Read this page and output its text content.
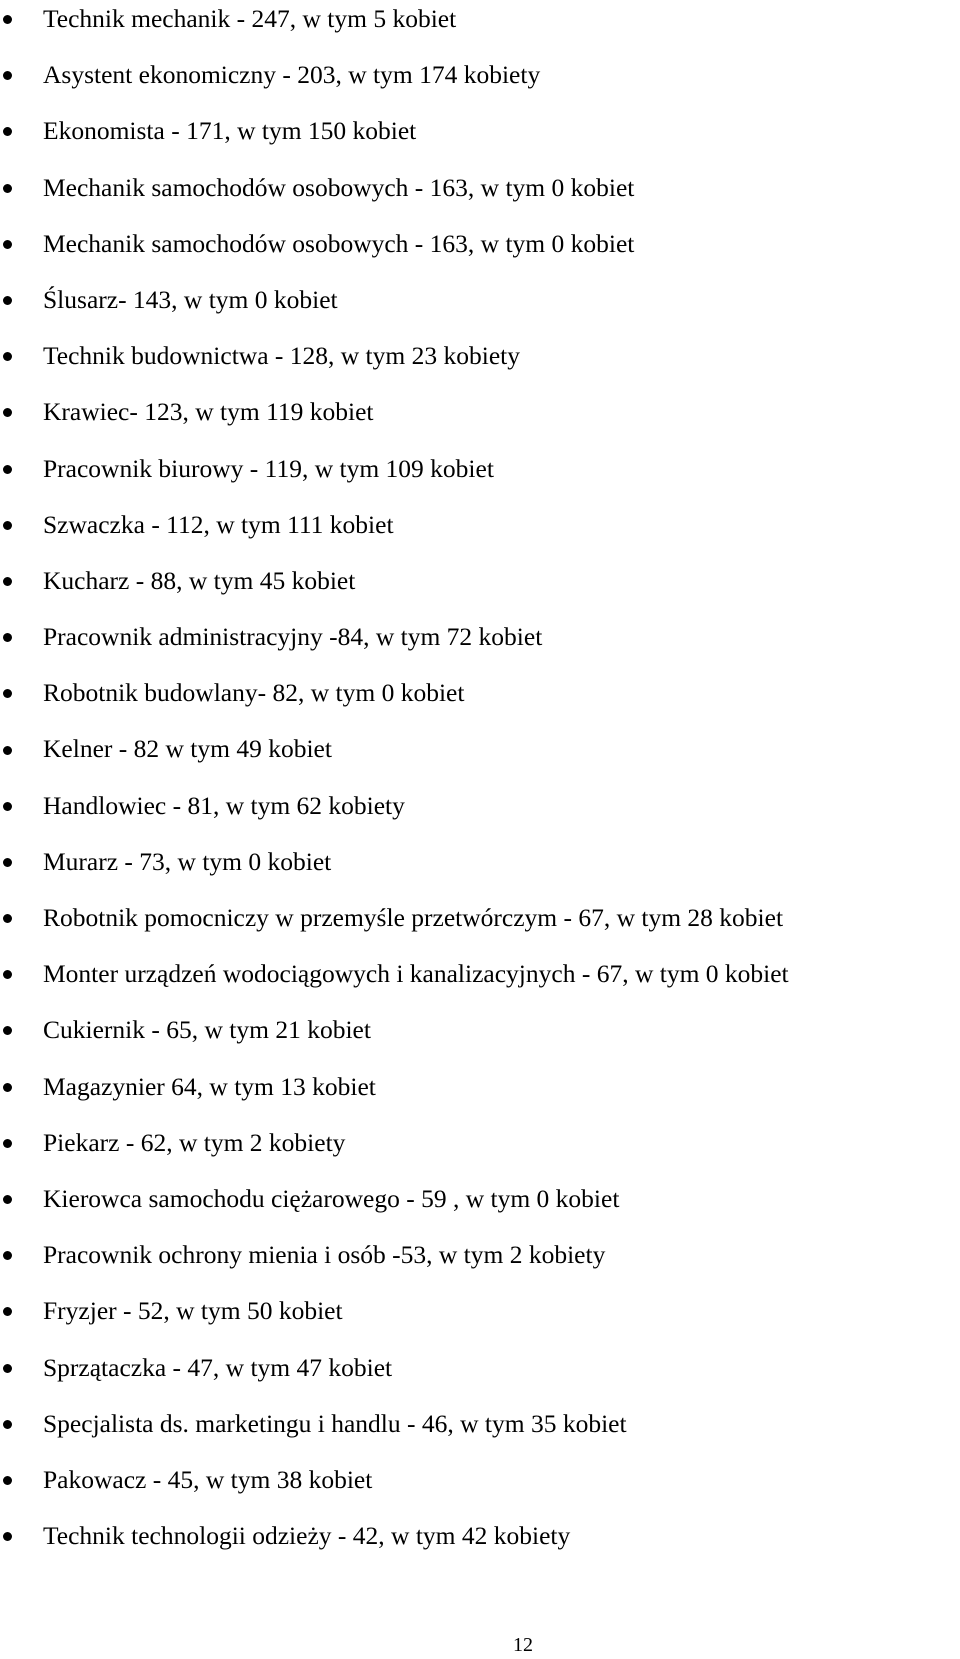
Technik mechanik - 247, w tym 5 kobiet
Asystent ekonomiczny - 203, w tym 174 kobiety
Ekonomista - 171, w tym 150 kobiet
Mechanik samochodów osobowych - 163, w tym 0 kobiet
Mechanik samochodów osobowych - 163, w tym 0 kobiet
Ślusarz- 143, w tym 0 kobiet
Technik budownictwa - 128, w tym 23 kobiety
Krawiec- 123, w tym 119 kobiet
Pracownik biurowy - 119, w tym 109 kobiet
Szwaczka - 112, w tym 111 kobiet
Kucharz - 88, w tym 45 kobiet
Pracownik administracyjny -84, w tym 72 kobiet
Robotnik budowlany- 82, w tym 0 kobiet
Kelner - 82 w tym 49 kobiet
Handlowiec - 81, w tym 62 kobiety
Murarz - 73, w tym 0 kobiet
Robotnik pomocniczy w przemyśle przetwórczym - 67, w tym 28 kobiet
Monter urządzeń wodociągowych i kanalizacyjnych - 67, w tym 0 kobiet
Cukiernik - 65, w tym 21 kobiet
Magazynier 64, w tym 13 kobiet
Piekarz - 62, w tym 2 kobiety
Kierowca samochodu ciężarowego - 59 , w tym 0 kobiet
Pracownik ochrony mienia i osób -53, w tym 2 kobiety
Fryzjer - 52, w tym 50 kobiet
Sprzątaczka - 47, w tym 47 kobiet
Specjalista ds. marketingu i handlu - 46, w tym 35 kobiet
Pakowacz - 45, w tym 38 kobiet
Technik technologii odzieży - 42, w tym 42 kobiety
12
